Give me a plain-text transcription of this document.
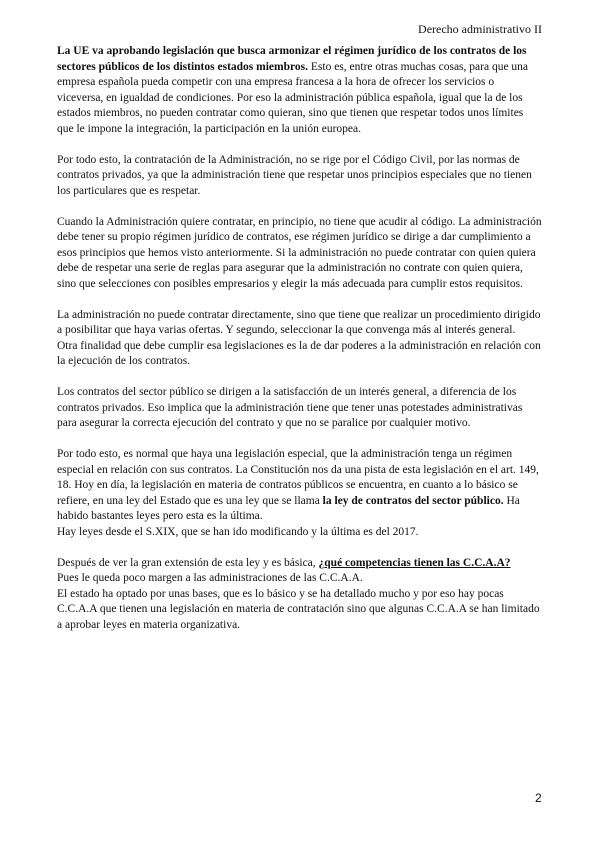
Derecho administrativo II

La UE va aprobando legislación que busca armonizar el régimen jurídico de los contratos de los sectores públicos de los distintos estados miembros. Esto es, entre otras muchas cosas, para que una empresa española pueda competir con una empresa francesa a la hora de ofrecer los servicios o viceversa, en igualdad de condiciones. Por eso la administración pública española, igual que la de los estados miembros, no pueden contratar como quieran, sino que tienen que respetar todos unos límites que le impone la integración, la participación en la unión europea.

Por todo esto, la contratación de la Administración, no se rige por el Código Civil, por las normas de contratos privados, ya que la administración tiene que respetar unos principios especiales que no tienen los particulares que es respetar.

Cuando la Administración quiere contratar, en principio, no tiene que acudir al código. La administración debe tener su propio régimen jurídico de contratos, ese régimen jurídico se dirige a dar cumplimiento a esos principios que hemos visto anteriormente. Si la administración no puede contratar con quien quiera debe de respetar una serie de reglas para asegurar que la administración no contrate con quien quiera, sino que selecciones con posibles empresarios y elegir la más adecuada para cumplir estos requisitos.

La administración no puede contratar directamente, sino que tiene que realizar un procedimiento dirigido a posibilitar que haya varias ofertas. Y segundo, seleccionar la que convenga más al interés general.

Otra finalidad que debe cumplir esa legislaciones es la de dar poderes a la administración en relación con la ejecución de los contratos.

Los contratos del sector público se dirigen a la satisfacción de un interés general, a diferencia de los contratos privados. Eso implica que la administración tiene que tener unas potestades administrativas para asegurar la correcta ejecución del contrato y que no se paralice por cualquier motivo.

Por todo esto, es normal que haya una legislación especial, que la administración tenga un régimen especial en relación con sus contratos. La Constitución nos da una pista de esta legislación en el art. 149, 18. Hoy en día, la legislación en materia de contratos públicos se encuentra, en cuanto a lo básico se refiere, en una ley del Estado que es una ley que se llama la ley de contratos del sector público. Ha habido bastantes leyes pero esta es la última.

Hay leyes desde el S.XIX, que se han ido modificando y la última es del 2017.

Después de ver la gran extensión de esta ley y es básica, ¿qué competencias tienen las C.C.A.A?

Pues le queda poco margen a las administraciones de las C.C.A.A.

El estado ha optado por unas bases, que es lo básico y se ha detallado mucho y por eso hay pocas C.C.A.A que tienen una legislación en materia de contratación sino que algunas C.C.A.A se han limitado a aprobar leyes en materia organizativa.

2
